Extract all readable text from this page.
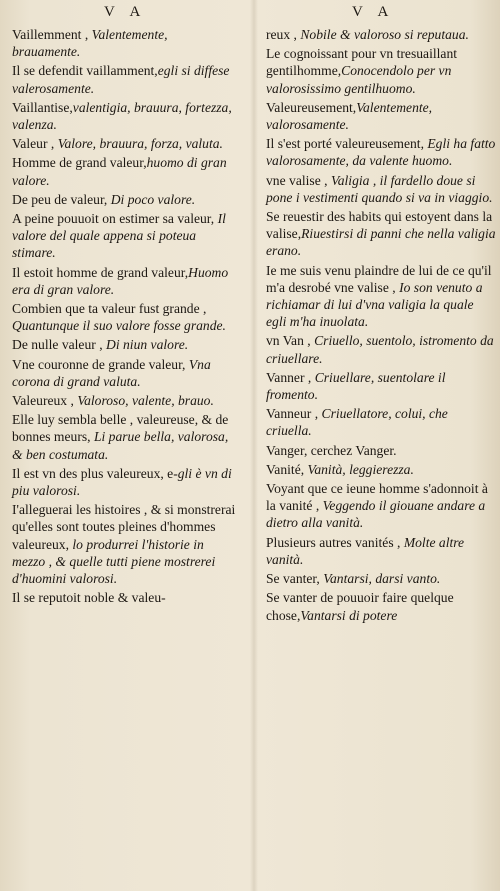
V A	V A

Vaillemment , Valentemente, brauamente.

Il se defendit vaillamment,egli si diffese valerosamente.

Vaillantise,valentigia, brauura, fortezza, valenza.

Valeur , Valore, brauura, forza, valuta.

Homme de grand valeur,huomo di gran valore.

De peu de valeur, Di poco valore.

A peine pouuoit on estimer sa valeur, Il valore del quale appena si poteua stimare.

Il estoit homme de grand valeur,Huomo era di gran valore.

Combien que ta valeur fust grande , Quantunque il suo valore fosse grande.

De nulle valeur , Di niun valore.

Vne couronne de grande valeur, Vna corona di grand valuta.

Valeureux , Valoroso, valente, brauo.

Elle luy sembla belle , valeureuse, & de bonnes meurs, Li parue bella, valorosa, & ben costumata.

Il est vn des plus valeureux, e-gli è vn di piu valorosi.

I'alleguerai les histoires , & si monstrerai qu'elles sont toutes pleines d'hommes valeureux, lo produrrei l'historie in mezzo , & quelle tutti piene mostrerei d'huomini valorosi.

Il se reputoit noble & valeu-

reux , Nobile & valoroso si reputaua.

Le cognoissant pour vn tresuaillant gentilhomme,Conocendolo per vn valorosissimo gentilhuomo.

Valeureusement,Valentemente, valorosamente.

Il s'est porté valeureusement, Egli ha fatto valorosamente, da valente huomo.

vne valise , Valigia , il fardello doue si pone i vestimenti quando si va in viaggio.

Se reuestir des habits qui estoyent dans la valise,Riuestirsi di panni che nella valigia erano.

Ie me suis venu plaindre de lui de ce qu'il m'a desrobé vne valise , Io son venuto a richiamar di lui d'vna valigia la quale egli m'ha inuolata.

vn Van , Criuello, suentolo, istromento da criuellare.

Vanner , Criuellare, suentolare il fromento.

Vanneur , Criuellatore, colui, che criuella.

Vanger, cerchez Vanger.

Vanité, Vanità, leggierezza.

Voyant que ce ieune homme s'adonnoit à la vanité , Veggendo il giouane andare a dietro alla vanità.

Plusieurs autres vanités , Molte altre vanità.

Se vanter, Vantarsi, darsi vanto.

Se vanter de pouuoir faire quelque chose,Vantarsi di potere
